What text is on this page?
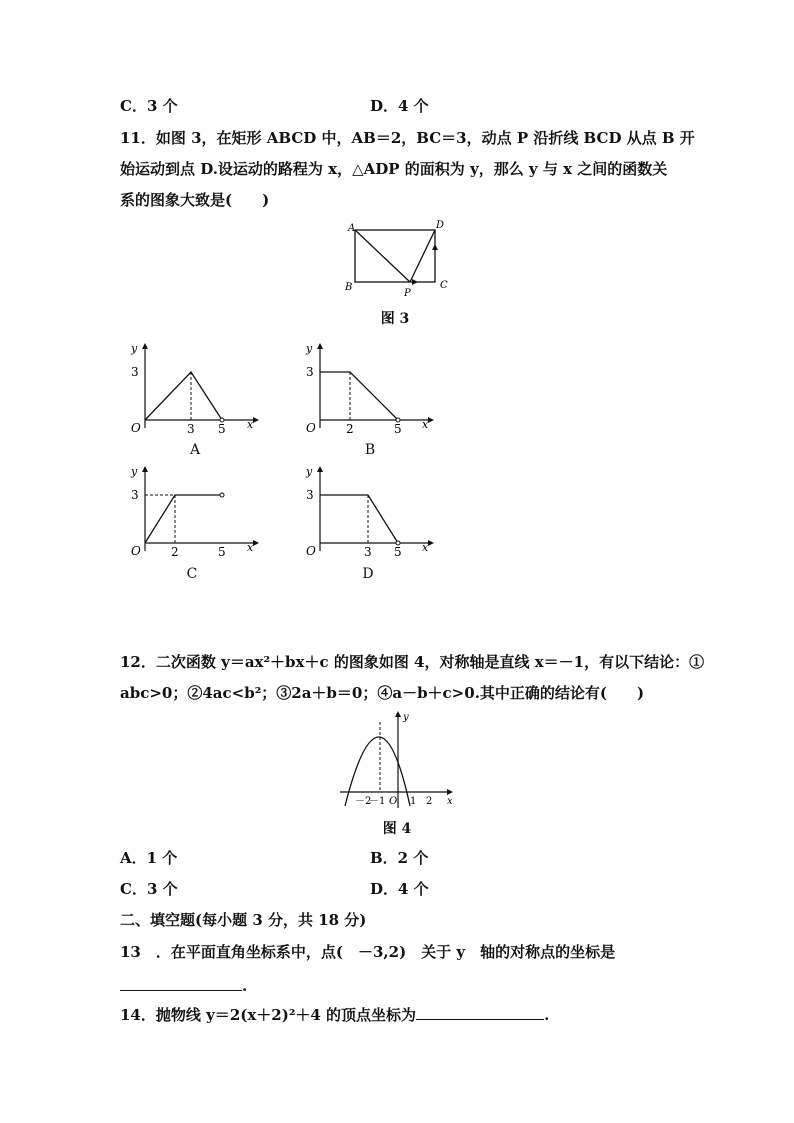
C．3 个	D．4 个
11．如图 3，在矩形 ABCD 中，AB＝2，BC＝3，动点 P 沿折线 BCD 从点 B 开
始运动到点 D.设运动的路程为 x，△ADP 的面积为 y，那么 y 与 x 之间的函数关
系的图象大致是(　　)
A	D
B	C
P
图 3
y
3
O	3 5 x
A
y
3
O	2	5 x
B
y
3
O	2	5 x
C
y
3
O	3 5 x
D
12．二次函数 y＝ax²＋bx＋c 的图象如图 4，对称轴是直线 x＝－1，有以下结论：①
abc>0；②4ac<b²；③2a＋b＝0；④a－b＋c>0.其中正确的结论有(　　)
y
x
－2
－1 O 1 2
图 4
A．1 个	B．2 个
C．3 个	D．4 个
二、填空题(每小题 3 分，共 18 分)
13　．在平面直角坐标系中，点(　－3,2)　关于 y　轴的对称点的坐标是
.
14．抛物线 y＝2(x＋2)²＋4 的顶点坐标为	.
